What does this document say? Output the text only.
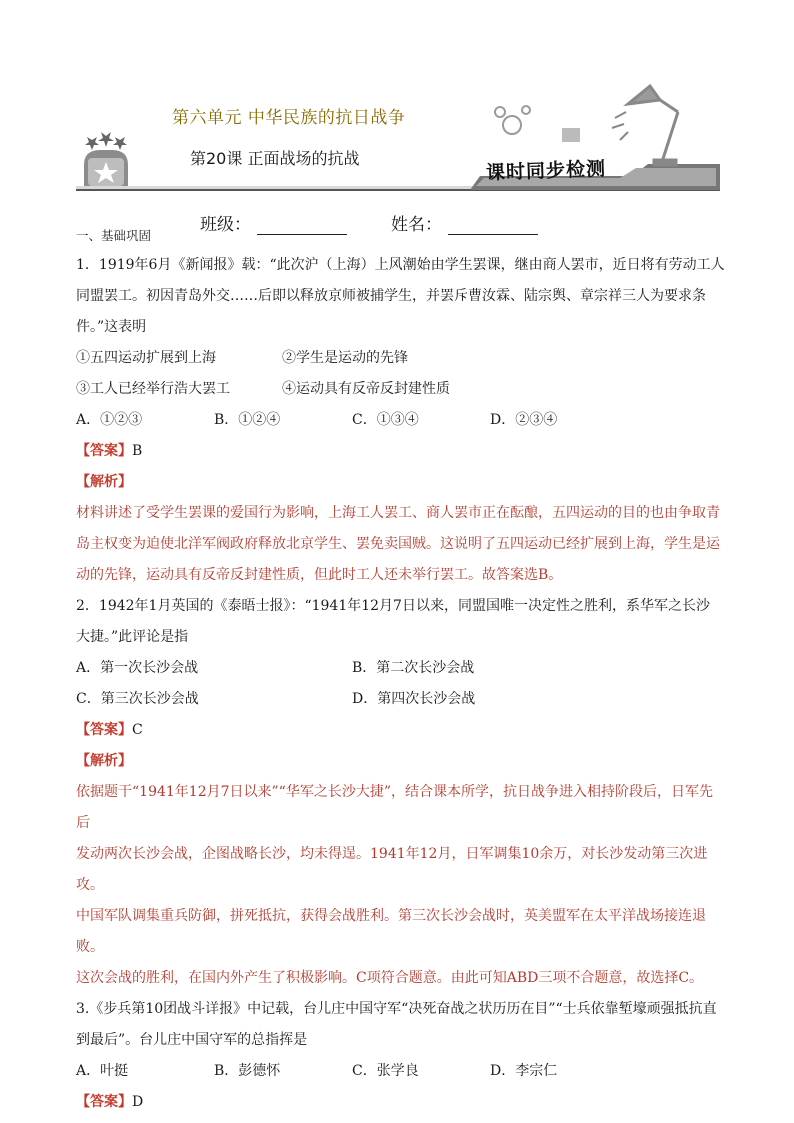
第六单元 中华民族的抗日战争
第20课 正面战场的抗战	课时同步检测
班级：	姓名：
一、基础巩固

1．1919年6月《新闻报》载：“此次沪（上海）上风潮始由学生罢课，继由商人罢市，近日将有劳动工人

同盟罢工。初因青岛外交……后即以释放京师被捕学生，并罢斥曹汝霖、陆宗舆、章宗祥三人为要求条

件。”这表明

①五四运动扩展到上海	②学生是运动的先锋
③工人已经举行浩大罢工	④运动具有反帝反封建性质
A．①②③	B．①②④	C．①③④	D．②③④
【答案】B
【解析】

材料讲述了受学生罢课的爱国行为影响，上海工人罢工、商人罢市正在酝酿，五四运动的目的也由争取青

岛主权变为迫使北洋军阀政府释放北京学生、罢免卖国贼。这说明了五四运动已经扩展到上海，学生是运

动的先锋，运动具有反帝反封建性质，但此时工人还未举行罢工。故答案选B。

2．1942年1月英国的《泰晤士报》：“1941年12月7日以来，同盟国唯一决定性之胜利，系华军之长沙

大捷。”此评论是指

A．第一次长沙会战	B．第二次长沙会战
C．第三次长沙会战	D．第四次长沙会战
【答案】C
【解析】

依据题干“1941年12月7日以来”“华军之长沙大捷”，结合课本所学，抗日战争进入相持阶段后，日军先后

发动两次长沙会战，企图战略长沙，均未得逞。1941年12月，日军调集10余万，对长沙发动第三次进攻。

中国军队调集重兵防御，拼死抵抗，获得会战胜利。第三次长沙会战时，英美盟军在太平洋战场接连退败。

这次会战的胜利，在国内外产生了积极影响。C项符合题意。由此可知ABD三项不合题意，故选择C。

3.《步兵第10团战斗详报》中记载，台儿庄中国守军“决死奋战之状历历在目”“士兵依靠堑壕顽强抵抗直

到最后”。台儿庄中国守军的总指挥是

A．叶挺	B．彭德怀	C．张学良	D．李宗仁
【答案】D
